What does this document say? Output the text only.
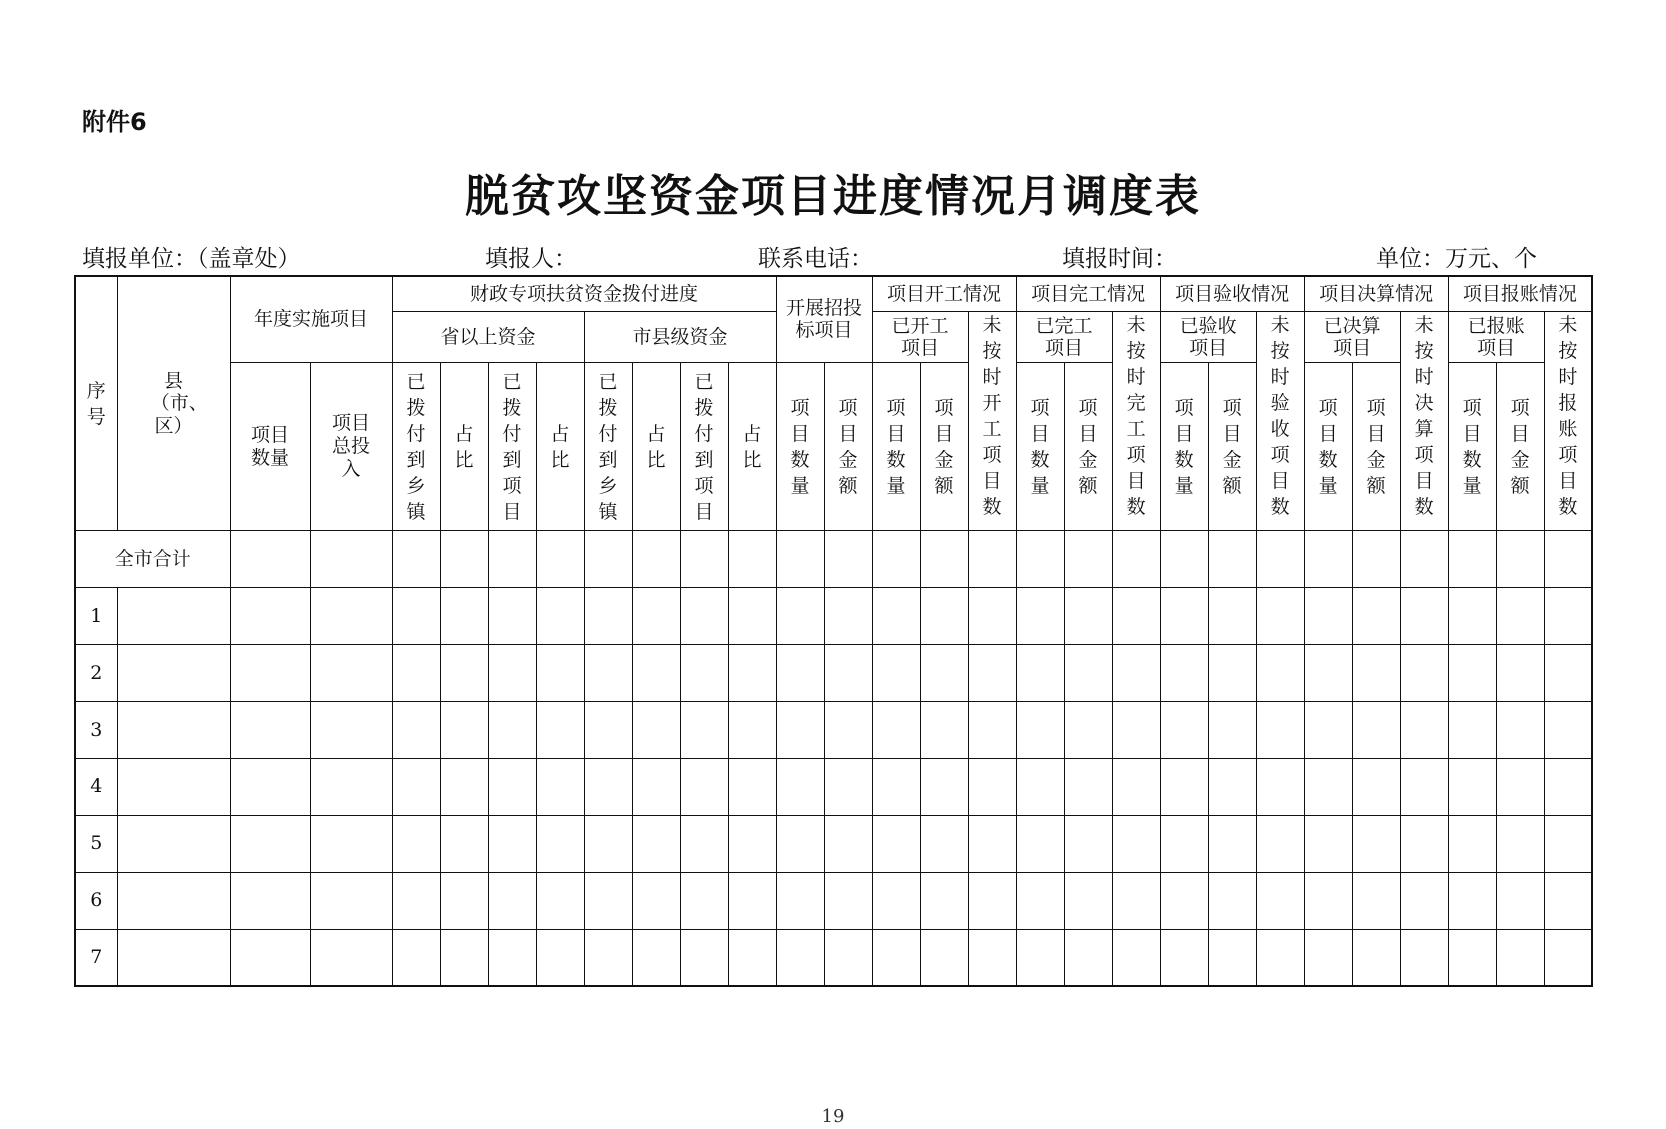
附件6
脱贫攻坚资金项目进度情况月调度表
填报单位：（盖章处）	填报人：	联系电话：	填报时间：	单位：万元、个
序号	县（市、区）	年度实施项目		财政专项扶贫资金拨付进度								开展招投标项目		项目开工情况			项目完工情况			项目验收情况			项目决算情况			项目报账情况		
				省以上资金				市县级资金						已开工项目		未按时开工项目数	已完工项目		未按时完工项目数	已验收项目		未按时验收项目数	已决算项目		未按时决算项目数	已报账项目		未按时报账项目数
		项目数量	项目总投入	已拨付到乡镇	占比	已拨付到项目	占比	已拨付到乡镇	占比	已拨付到项目	占比	项目数量	项目金额	项目数量	项目金额		项目数量	项目金额		项目数量	项目金额		项目数量	项目金额		项目数量	项目金额	
全市合计																												
1																												
2																												
3																												
4																												
5																												
6																												
7																												
19
